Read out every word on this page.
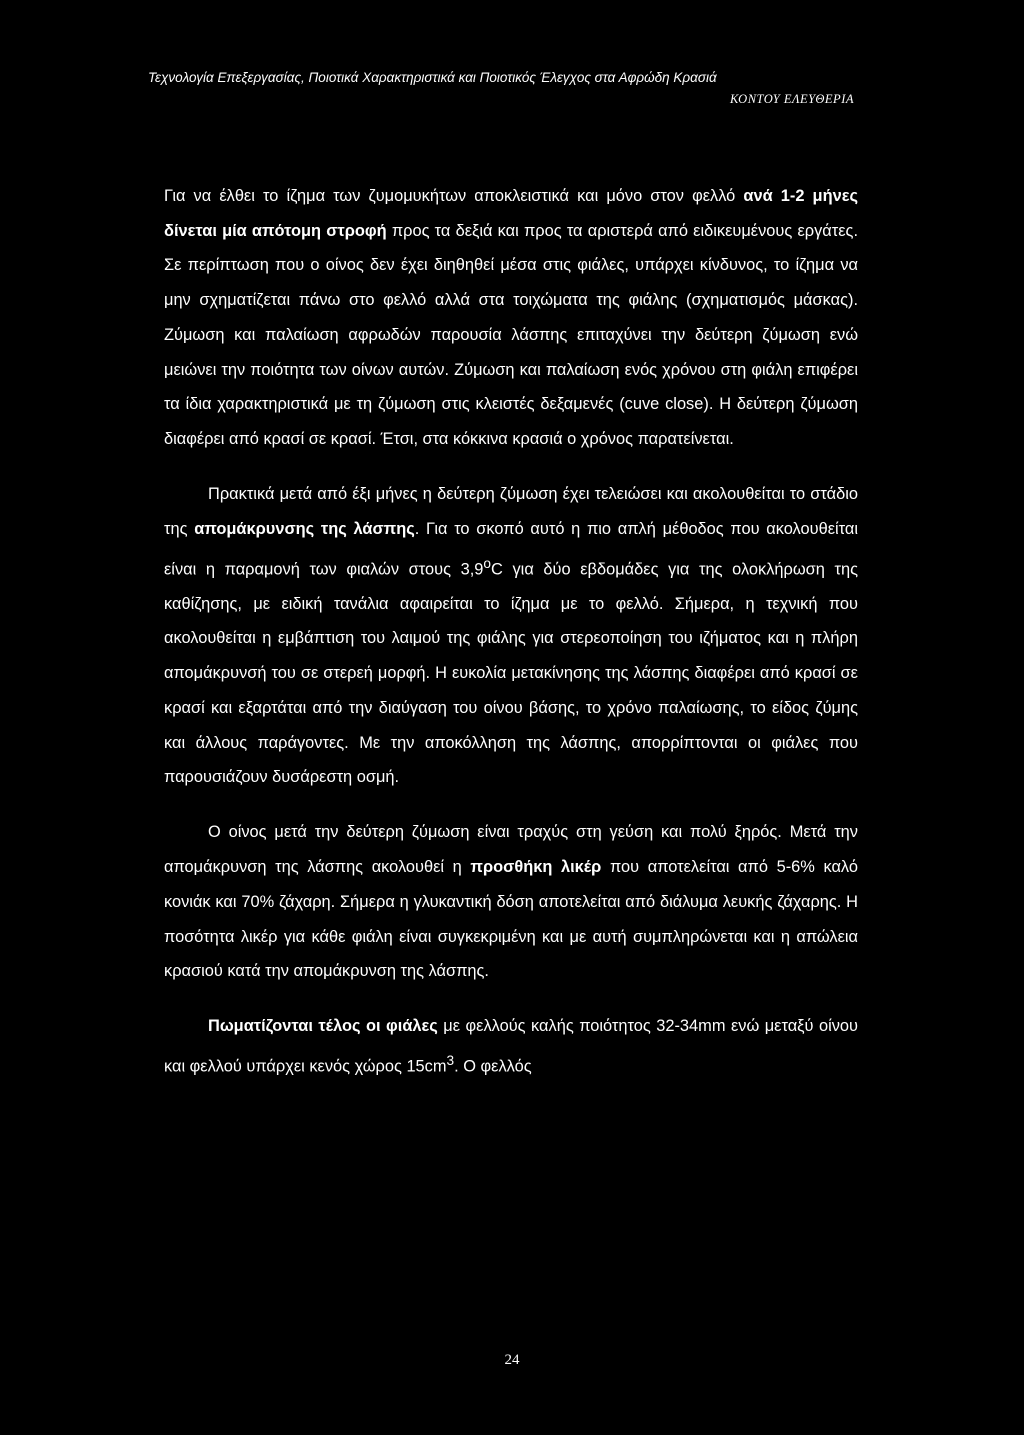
Τεχνολογία Επεξεργασίας, Ποιοτικά Χαρακτηριστικά και Ποιοτικός Έλεγχος στα Αφρώδη Κρασιά
ΚΟΝΤΟΥ ΕΛΕΥΘΕΡΙΑ

Για να έλθει το ίζημα των ζυμομυκήτων αποκλειστικά και μόνο στον φελλό ανά 1-2 μήνες δίνεται μία απότομη στροφή προς τα δεξιά και προς τα αριστερά από ειδικευμένους εργάτες. Σε περίπτωση που ο οίνος δεν έχει διηθηθεί μέσα στις φιάλες, υπάρχει κίνδυνος, το ίζημα να μην σχηματίζεται πάνω στο φελλό αλλά στα τοιχώματα της φιάλης (σχηματισμός μάσκας). Ζύμωση και παλαίωση αφρωδών παρουσία λάσπης επιταχύνει την δεύτερη ζύμωση ενώ μειώνει την ποιότητα των οίνων αυτών. Ζύμωση και παλαίωση ενός χρόνου στη φιάλη επιφέρει τα ίδια χαρακτηριστικά με τη ζύμωση στις κλειστές δεξαμενές (cuve close). Η δεύτερη ζύμωση διαφέρει από κρασί σε κρασί. Έτσι, στα κόκκινα κρασιά ο χρόνος παρατείνεται.

Πρακτικά μετά από έξι μήνες η δεύτερη ζύμωση έχει τελειώσει και ακολουθείται το στάδιο της απομάκρυνσης της λάσπης. Για το σκοπό αυτό η πιο απλή μέθοδος που ακολουθείται είναι η παραμονή των φιαλών στους 3,9$^o$C για δύο εβδομάδες για της ολοκλήρωση της καθίζησης, με ειδική τανάλια αφαιρείται το ίζημα με το φελλό. Σήμερα, η τεχνική που ακολουθείται η εμβάπτιση του λαιμού της φιάλης για στερεοποίηση του ιζήματος και η πλήρη απομάκρυνσή του σε στερεή μορφή. Η ευκολία μετακίνησης της λάσπης διαφέρει από κρασί σε κρασί και εξαρτάται από την διαύγαση του οίνου βάσης, το χρόνο παλαίωσης, το είδος ζύμης και άλλους παράγοντες. Με την αποκόλληση της λάσπης, απορρίπτονται οι φιάλες που παρουσιάζουν δυσάρεστη οσμή.

Ο οίνος μετά την δεύτερη ζύμωση είναι τραχύς στη γεύση και πολύ ξηρός. Μετά την απομάκρυνση της λάσπης ακολουθεί η προσθήκη λικέρ που αποτελείται από 5-6% καλό κονιάκ και 70% ζάχαρη. Σήμερα η γλυκαντική δόση αποτελείται από διάλυμα λευκής ζάχαρης. Η ποσότητα λικέρ για κάθε φιάλη είναι συγκεκριμένη και με αυτή συμπληρώνεται και η απώλεια κρασιού κατά την απομάκρυνση της λάσπης.

Πωματίζονται τέλος οι φιάλες με φελλούς καλής ποιότητος 32-34mm ενώ μεταξύ οίνου και φελλού υπάρχει κενός χώρος $15cm^3$. Ο φελλός

24
